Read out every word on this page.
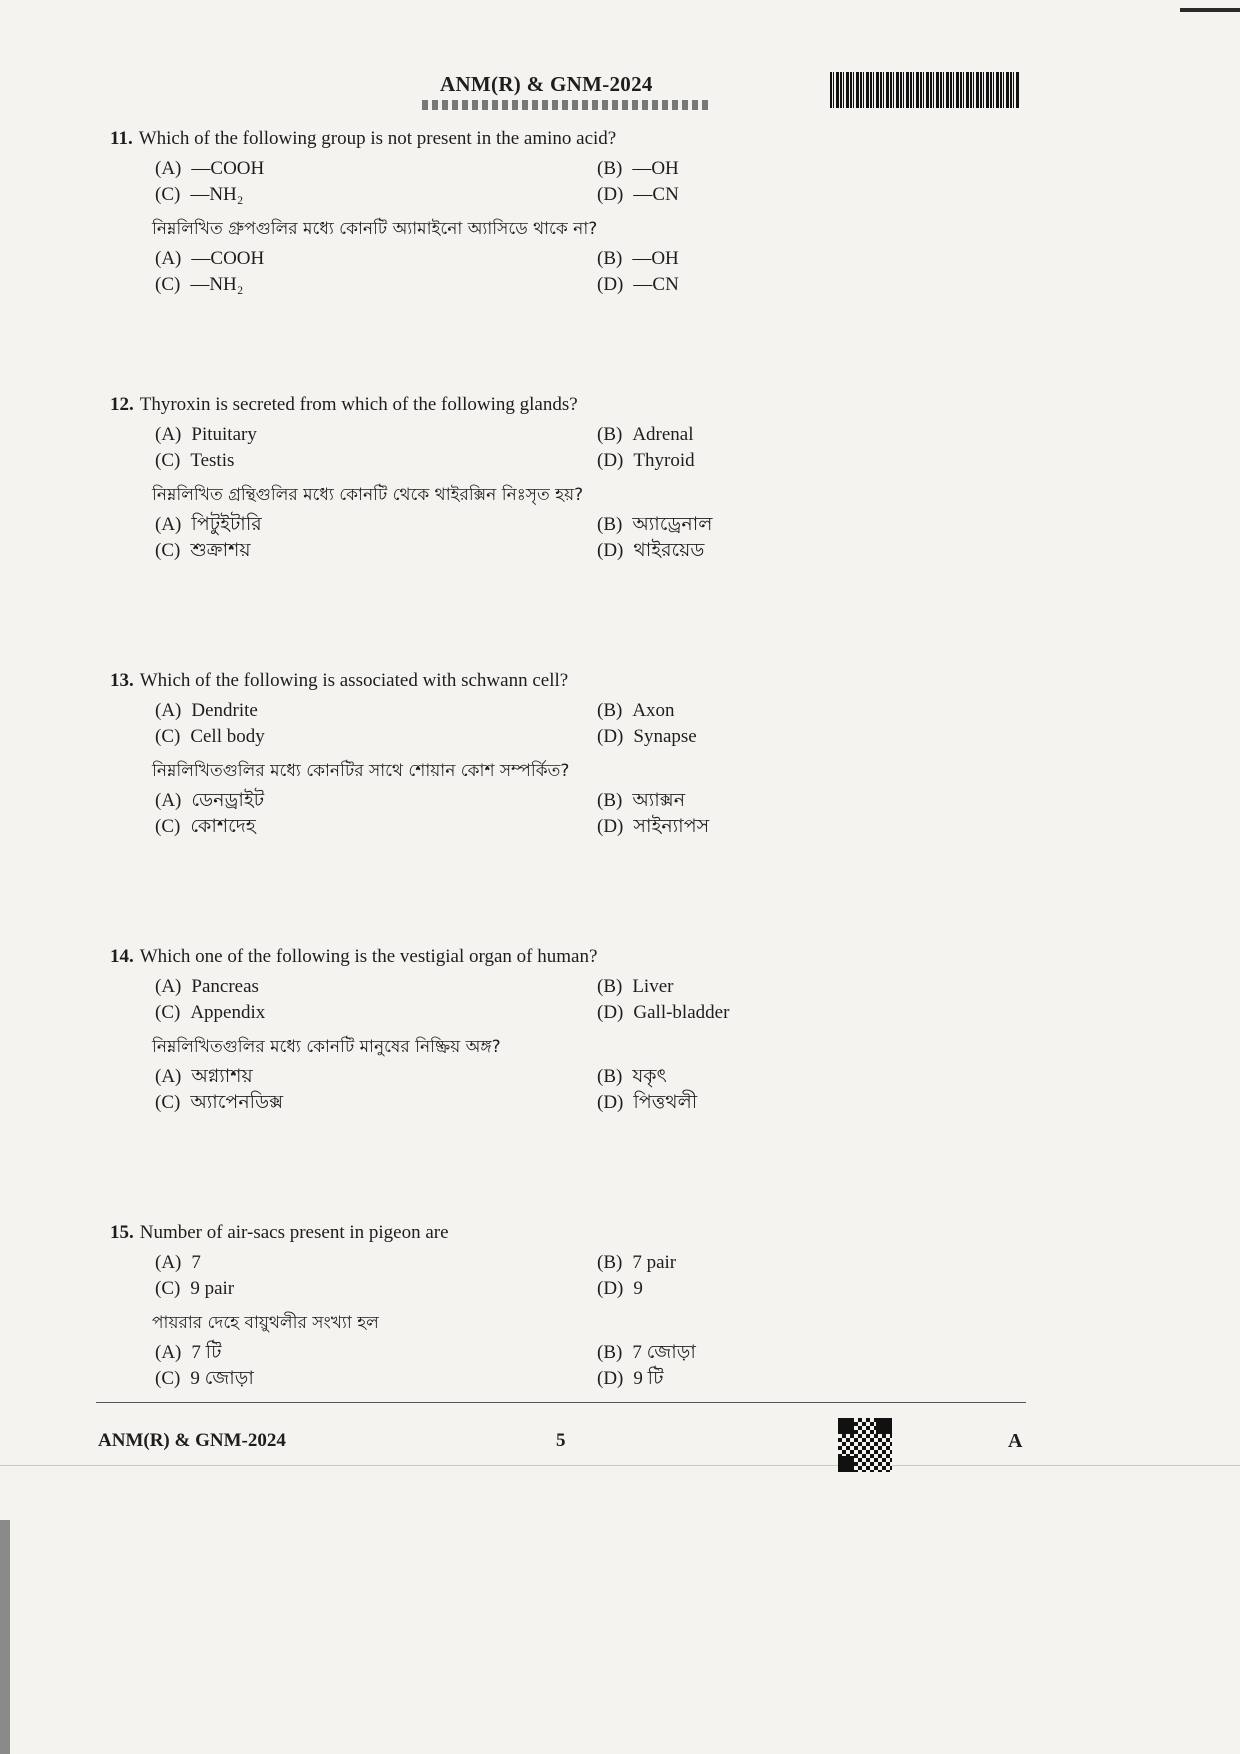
ANM(R) & GNM-2024
11. Which of the following group is not present in the amino acid?
(A) —COOH	(B) —OH
(C) —NH₂	(D) —CN
নিম্নলিখিত গ্রুপগুলির মধ্যে কোনটি অ্যামাইনো অ্যাসিডে থাকে না?
(A) —COOH	(B) —OH
(C) —NH₂	(D) —CN
12. Thyroxin is secreted from which of the following glands?
(A) Pituitary	(B) Adrenal
(C) Testis	(D) Thyroid
নিম্নলিখিত গ্রন্থিগুলির মধ্যে কোনটি থেকে থাইরক্সিন নিঃসৃত হয়?
(A) পিটুইটারি	(B) অ্যাড্রেনাল
(C) শুক্রাশয়	(D) থাইরয়েড
13. Which of the following is associated with schwann cell?
(A) Dendrite	(B) Axon
(C) Cell body	(D) Synapse
নিম্নলিখিতগুলির মধ্যে কোনটির সাথে শোয়ান কোশ সম্পর্কিত?
(A) ডেনড্রাইট	(B) অ্যাক্সন
(C) কোশদেহ	(D) সাইন্যাপস
14. Which one of the following is the vestigial organ of human?
(A) Pancreas	(B) Liver
(C) Appendix	(D) Gall-bladder
নিম্নলিখিতগুলির মধ্যে কোনটি মানুষের নিষ্ক্রিয় অঙ্গ?
(A) অগ্ন্যাশয়	(B) যকৃৎ
(C) অ্যাপেনডিক্স	(D) পিত্তথলী
15. Number of air-sacs present in pigeon are
(A) 7	(B) 7 pair
(C) 9 pair	(D) 9
পায়রার দেহে বায়ুথলীর সংখ্যা হল
(A) 7 টি	(B) 7 জোড়া
(C) 9 জোড়া	(D) 9 টি
ANM(R) & GNM-2024	5	A
